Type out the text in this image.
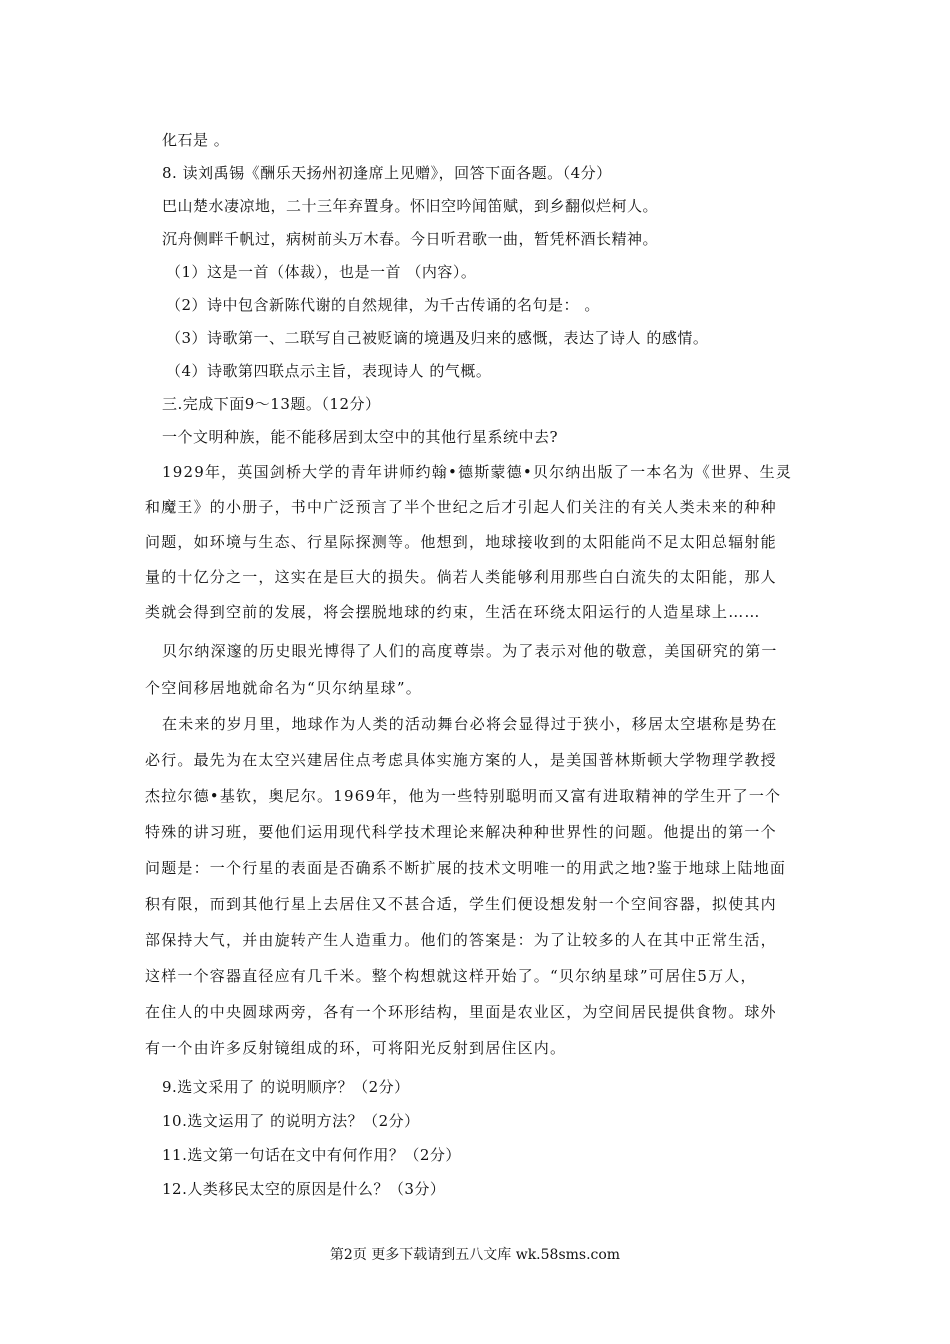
化石是 。
8. 读刘禹锡《酬乐天扬州初逢席上见赠》，回答下面各题。（4分）
巴山楚水凄凉地，二十三年弃置身。怀旧空吟闻笛赋，到乡翻似烂柯人。
沉舟侧畔千帆过，病树前头万木春。今日听君歌一曲，暂凭杯酒长精神。
（1）这是一首（体裁），也是一首 （内容）。
（2）诗中包含新陈代谢的自然规律，为千古传诵的名句是： 。
（3）诗歌第一、二联写自己被贬谪的境遇及归来的感慨，表达了诗人 的感情。
（4）诗歌第四联点示主旨，表现诗人 的气概。
三.完成下面9～13题。（12分）
一个文明种族，能不能移居到太空中的其他行星系统中去?
1929年，英国剑桥大学的青年讲师约翰•德斯蒙德•贝尔纳出版了一本名为《世界、生灵
和魔王》的小册子，书中广泛预言了半个世纪之后才引起人们关注的有关人类未来的种种
问题，如环境与生态、行星际探测等。他想到，地球接收到的太阳能尚不足太阳总辐射能
量的十亿分之一，这实在是巨大的损失。倘若人类能够利用那些白白流失的太阳能，那人
类就会得到空前的发展，将会摆脱地球的约束，生活在环绕太阳运行的人造星球上……
贝尔纳深邃的历史眼光博得了人们的高度尊崇。为了表示对他的敬意，美国研究的第一
个空间移居地就命名为“贝尔纳星球”。
在未来的岁月里，地球作为人类的活动舞台必将会显得过于狭小，移居太空堪称是势在
必行。最先为在太空兴建居住点考虑具体实施方案的人，是美国普林斯顿大学物理学教授
杰拉尔德•基钦，奥尼尔。1969年，他为一些特别聪明而又富有进取精神的学生开了一个
特殊的讲习班，要他们运用现代科学技术理论来解决种种世界性的问题。他提出的第一个
问题是：一个行星的表面是否确系不断扩展的技术文明唯一的用武之地?鉴于地球上陆地面
积有限，而到其他行星上去居住又不甚合适，学生们便设想发射一个空间容器，拟使其内
部保持大气，并由旋转产生人造重力。他们的答案是：为了让较多的人在其中正常生活，
这样一个容器直径应有几千米。整个构想就这样开始了。“贝尔纳星球”可居住5万人，
在住人的中央圆球两旁，各有一个环形结构，里面是农业区，为空间居民提供食物。球外
有一个由许多反射镜组成的环，可将阳光反射到居住区内。
9.选文采用了 的说明顺序？（2分）
10.选文运用了 的说明方法？（2分）
11.选文第一句话在文中有何作用？（2分）
12.人类移民太空的原因是什么？（3分）
第2页 更多下载请到五八文库 wk.58sms.com
